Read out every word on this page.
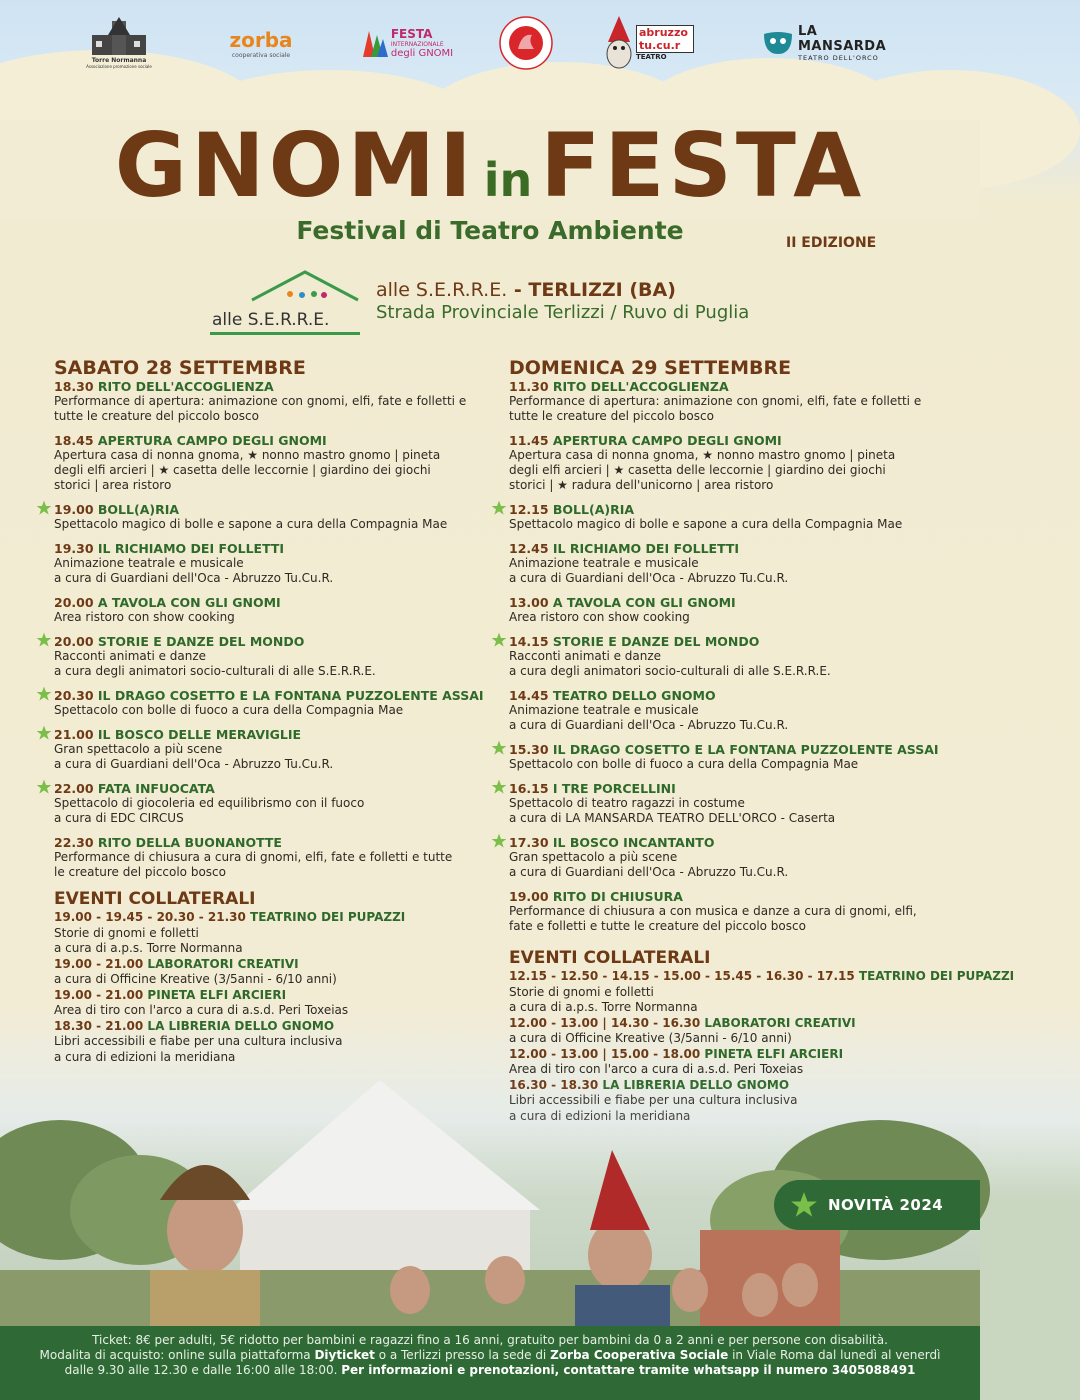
Torre Normanna
Associazione promozione sociale
zorba
cooperativa sociale
FESTA
INTERNAZIONALE
degli GNOMI
abruzzo tu.cu.r
TEATRO
LA MANSARDA
TEATRO DELL'ORCO
GNOMI inFESTA
Festival di Teatro Ambiente	II EDIZIONE
alle S.E.R.R.E.
alle S.E.R.R.E. - TERLIZZI (BA)
Strada Provinciale Terlizzi / Ruvo di Puglia
SABATO 28 SETTEMBRE
18.30 RITO DELL'ACCOGLIENZA
Performance di apertura: animazione con gnomi, elfi, fate e folletti e
tutte le creature del piccolo bosco
18.45 APERTURA CAMPO DEGLI GNOMI
Apertura casa di nonna gnoma, ★ nonno mastro gnomo | pineta
degli elfi arcieri | ★ casetta delle leccornie | giardino dei giochi
storici | area ristoro
19.00 BOLL(A)RIA
Spettacolo magico di bolle e sapone a cura della Compagnia Mae
19.30 IL RICHIAMO DEI FOLLETTI
Animazione teatrale e musicale
a cura di Guardiani dell'Oca - Abruzzo Tu.Cu.R.
20.00 A TAVOLA CON GLI GNOMI
Area ristoro con show cooking
20.00 STORIE E DANZE DEL MONDO
Racconti animati e danze
a cura degli animatori socio-culturali di alle S.E.R.R.E.
20.30 IL DRAGO COSETTO E LA FONTANA PUZZOLENTE ASSAI
Spettacolo con bolle di fuoco a cura della Compagnia Mae
21.00 IL BOSCO DELLE MERAVIGLIE
Gran spettacolo a più scene
a cura di Guardiani dell'Oca - Abruzzo Tu.Cu.R.
22.00 FATA INFUOCATA
Spettacolo di giocoleria ed equilibrismo con il fuoco
a cura di EDC CIRCUS
22.30 RITO DELLA BUONANOTTE
Performance di chiusura a cura di gnomi, elfi, fate e folletti e tutte
le creature del piccolo bosco
EVENTI COLLATERALI
19.00 - 19.45 - 20.30 - 21.30 TEATRINO DEI PUPAZZI
Storie di gnomi e folletti
a cura di a.p.s. Torre Normanna
19.00 - 21.00 LABORATORI CREATIVI
a cura di Officine Kreative (3/5anni - 6/10 anni)
19.00 - 21.00 PINETA ELFI ARCIERI
Area di tiro con l'arco a cura di a.s.d. Peri Toxeias
18.30 - 21.00 LA LIBRERIA DELLO GNOMO
Libri accessibili e fiabe per una cultura inclusiva
a cura di edizioni la meridiana
DOMENICA 29 SETTEMBRE
11.30 RITO DELL'ACCOGLIENZA
Performance di apertura: animazione con gnomi, elfi, fate e folletti e
tutte le creature del piccolo bosco
11.45 APERTURA CAMPO DEGLI GNOMI
Apertura casa di nonna gnoma, ★ nonno mastro gnomo | pineta
degli elfi arcieri | ★ casetta delle leccornie | giardino dei giochi
storici | ★ radura dell'unicorno | area ristoro
12.15 BOLL(A)RIA
Spettacolo magico di bolle e sapone a cura della Compagnia Mae
12.45 IL RICHIAMO DEI FOLLETTI
Animazione teatrale e musicale
a cura di Guardiani dell'Oca - Abruzzo Tu.Cu.R.
13.00 A TAVOLA CON GLI GNOMI
Area ristoro con show cooking
14.15 STORIE E DANZE DEL MONDO
Racconti animati e danze
a cura degli animatori socio-culturali di alle S.E.R.R.E.
14.45 TEATRO DELLO GNOMO
Animazione teatrale e musicale
a cura di Guardiani dell'Oca - Abruzzo Tu.Cu.R.
15.30 IL DRAGO COSETTO E LA FONTANA PUZZOLENTE ASSAI
Spettacolo con bolle di fuoco a cura della Compagnia Mae
16.15 I TRE PORCELLINI
Spettacolo di teatro ragazzi in costume
a cura di LA MANSARDA TEATRO DELL'ORCO - Caserta
17.30 IL BOSCO INCANTANTO
Gran spettacolo a più scene
a cura di Guardiani dell'Oca - Abruzzo Tu.Cu.R.
19.00 RITO DI CHIUSURA
Performance di chiusura a con musica e danze a cura di gnomi, elfi,
fate e folletti e tutte le creature del piccolo bosco
EVENTI COLLATERALI
12.15 - 12.50 - 14.15 - 15.00 - 15.45 - 16.30 - 17.15 TEATRINO DEI PUPAZZI
Storie di gnomi e folletti
a cura di a.p.s. Torre Normanna
12.00 - 13.00 | 14.30 - 16.30 LABORATORI CREATIVI
a cura di Officine Kreative (3/5anni - 6/10 anni)
12.00 - 13.00 | 15.00 - 18.00 PINETA ELFI ARCIERI
Area di tiro con l'arco a cura di a.s.d. Peri Toxeias
NOVITÀ 2024
Ticket: 8€ per adulti, 5€ ridotto per bambini e ragazzi fino a 16 anni, gratuito per bambini da 0 a 2 anni e per persone con disabilità.
Modalita di acquisto: online sulla piattaforma Diyticket o a Terlizzi presso la sede di Zorba Cooperativa Sociale in Viale Roma dal lunedì al venerdì
dalle 9.30 alle 12.30 e dalle 16:00 alle 18:00. Per informazioni e prenotazioni, contattare tramite whatsapp il numero 3405088491
